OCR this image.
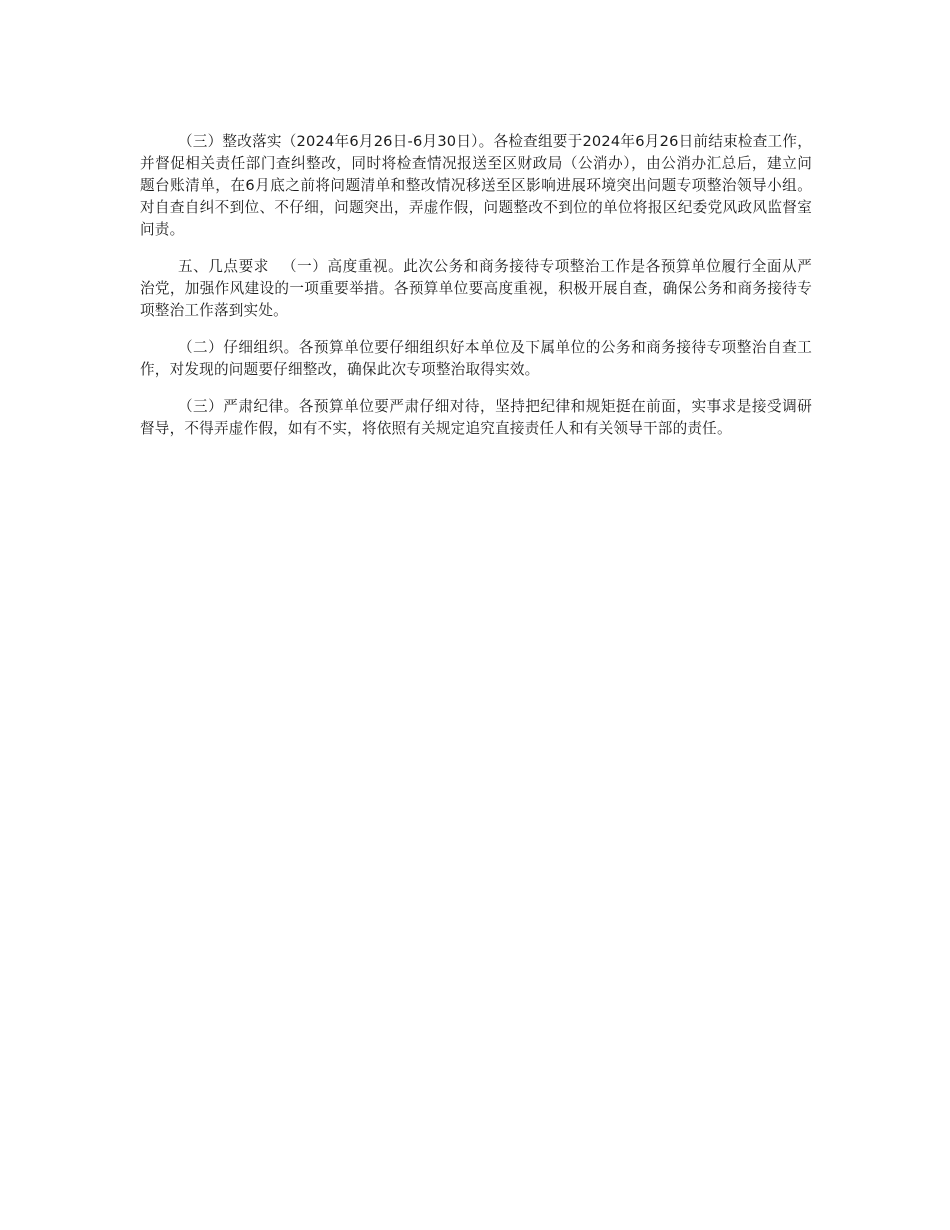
（三）整改落实（2024年6月26日-6月30日）。各检查组要于2024年6月26日前结束检查工作，并督促相关责任部门查纠整改，同时将检查情况报送至区财政局（公消办），由公消办汇总后，建立问题台账清单，在6月底之前将问题清单和整改情况移送至区影响进展环境突出问题专项整治领导小组。对自查自纠不到位、不仔细，问题突出，弄虚作假，问题整改不到位的单位将报区纪委党风政风监督室问责。

五、几点要求 （一）高度重视。此次公务和商务接待专项整治工作是各预算单位履行全面从严治党，加强作风建设的一项重要举措。各预算单位要高度重视，积极开展自查，确保公务和商务接待专项整治工作落到实处。

（二）仔细组织。各预算单位要仔细组织好本单位及下属单位的公务和商务接待专项整治自查工作，对发现的问题要仔细整改，确保此次专项整治取得实效。

（三）严肃纪律。各预算单位要严肃仔细对待，坚持把纪律和规矩挺在前面，实事求是接受调研督导，不得弄虚作假，如有不实，将依照有关规定追究直接责任人和有关领导干部的责任。
